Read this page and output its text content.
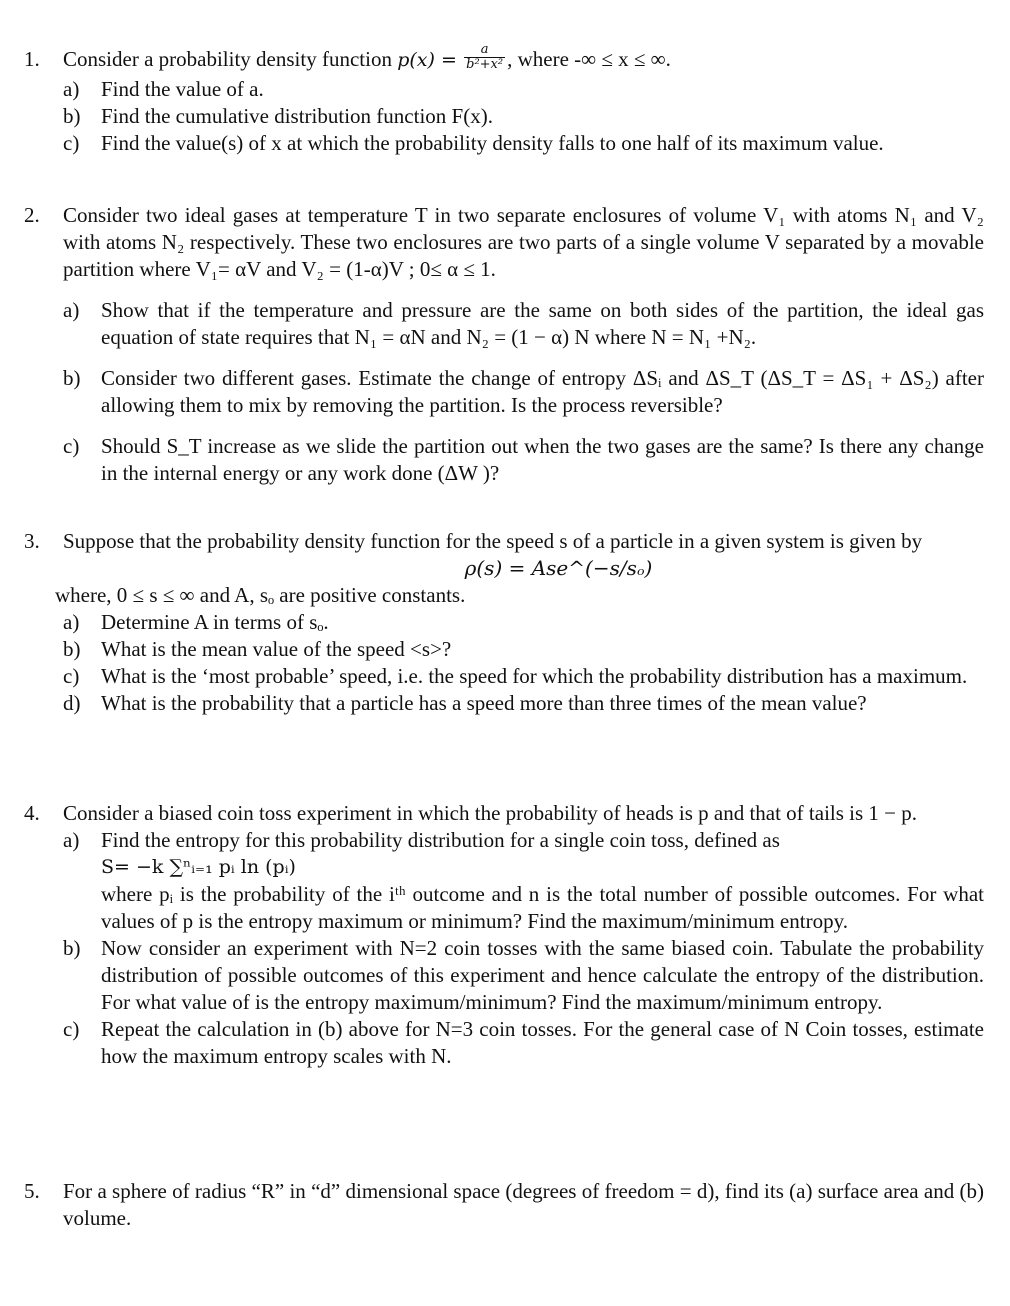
1.	Consider a probability density function $p(x) = \frac{a}{\text{b²+x²}}$ , where -∞ ≤ x ≤ ∞.
a) Find the value of a.
b) Find the cumulative distribution function F(x).
c) Find the value(s) of x at which the probability density falls to one half of its maximum value.
2.	Consider two ideal gases at temperature T in two separate enclosures of volume V₁ with atoms N₁ and V₂ with atoms N₂ respectively. These two enclosures are two parts of a single volume V separated by a movable partition where V₁= αV and V₂ = (1-α)V ; 0≤ α ≤ 1.
a) Show that if the temperature and pressure are the same on both sides of the partition, the ideal gas equation of state requires that N₁ = αN and N₂ = (1 − α) N where N = N₁ +N₂.
b) Consider two different gases. Estimate the change of entropy ΔSᵢ and ΔS_T (ΔS_T = ΔS₁ + ΔS₂) after allowing them to mix by removing the partition. Is the process reversible?
c) Should S_T increase as we slide the partition out when the two gases are the same? Is there any change in the internal energy or any work done (ΔW )?
3.	Suppose that the probability density function for the speed s of a particle in a given system is given by
ρ(s) = Ase^(−s/sₒ)
where, 0 ≤ s ≤ ∞ and A, sₒ are positive constants.
a) Determine A in terms of sₒ.
b) What is the mean value of the speed <s>?
c) What is the ‘most probable’ speed, i.e. the speed for which the probability distribution has a maximum.
d) What is the probability that a particle has a speed more than three times of the mean value?
4.	Consider a biased coin toss experiment in which the probability of heads is p and that of tails is 1 − p.
a) Find the entropy for this probability distribution for a single coin toss, defined as
S= −k ∑ⁿᵢ₌₁ pᵢ ln (pᵢ)
where pᵢ is the probability of the iᵗʰ outcome and n is the total number of possible outcomes. For what values of p is the entropy maximum or minimum? Find the maximum/minimum entropy.
b) Now consider an experiment with N=2 coin tosses with the same biased coin. Tabulate the probability distribution of possible outcomes of this experiment and hence calculate the entropy of the distribution. For what value of is the entropy maximum/minimum? Find the maximum/minimum entropy.
c) Repeat the calculation in (b) above for N=3 coin tosses. For the general case of N Coin tosses, estimate how the maximum entropy scales with N.
5.	For a sphere of radius “R” in “d” dimensional space (degrees of freedom = d), find its (a) surface area and (b) volume.
